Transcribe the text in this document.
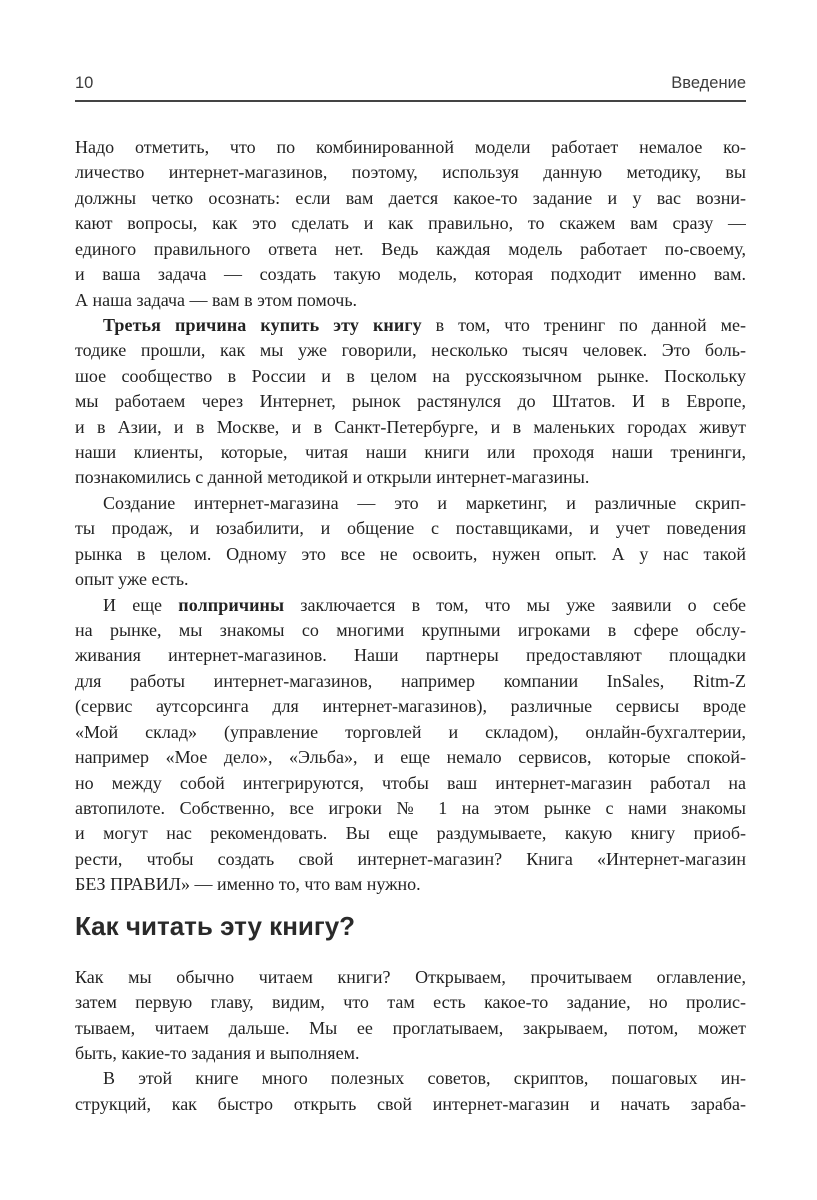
10	Введение
Надо отметить, что по комбинированной модели работает немалое ко-
личество интернет-магазинов, поэтому, используя данную методику, вы
должны четко осознать: если вам дается какое-то задание и у вас возни-
кают вопросы, как это сделать и как правильно, то скажем вам сразу —
единого правильного ответа нет. Ведь каждая модель работает по-своему,
и ваша задача — создать такую модель, которая подходит именно вам.
А наша задача — вам в этом помочь.
Третья причина купить эту книгу в том, что тренинг по данной ме-
тодике прошли, как мы уже говорили, несколько тысяч человек. Это боль-
шое сообщество в России и в целом на русскоязычном рынке. Поскольку
мы работаем через Интернет, рынок растянулся до Штатов. И в Европе,
и в Азии, и в Москве, и в Санкт-Петербурге, и в маленьких городах живут
наши клиенты, которые, читая наши книги или проходя наши тренинги,
познакомились с данной методикой и открыли интернет-магазины.
Создание интернет-магазина — это и маркетинг, и различные скрип-
ты продаж, и юзабилити, и общение с поставщиками, и учет поведения
рынка в целом. Одному это все не освоить, нужен опыт. А у нас такой
опыт уже есть.
И еще полпричины заключается в том, что мы уже заявили о себе
на рынке, мы знакомы со многими крупными игроками в сфере обслу-
живания интернет-магазинов. Наши партнеры предоставляют площадки
для работы интернет-магазинов, например компании InSales, Ritm-Z
(сервис аутсорсинга для интернет-магазинов), различные сервисы вроде
«Мой склад» (управление торговлей и складом), онлайн-бухгалтерии,
например «Мое дело», «Эльба», и еще немало сервисов, которые спокой-
но между собой интегрируются, чтобы ваш интернет-магазин работал на
автопилоте. Собственно, все игроки № 1 на этом рынке с нами знакомы
и могут нас рекомендовать. Вы еще раздумываете, какую книгу приоб-
рести, чтобы создать свой интернет-магазин? Книга «Интернет-магазин
БЕЗ ПРАВИЛ» — именно то, что вам нужно.
Как читать эту книгу?
Как мы обычно читаем книги? Открываем, прочитываем оглавление,
затем первую главу, видим, что там есть какое-то задание, но пролис-
тываем, читаем дальше. Мы ее проглатываем, закрываем, потом, может
быть, какие-то задания и выполняем.
В этой книге много полезных советов, скриптов, пошаговых ин-
струкций, как быстро открыть свой интернет-магазин и начать зараба-
